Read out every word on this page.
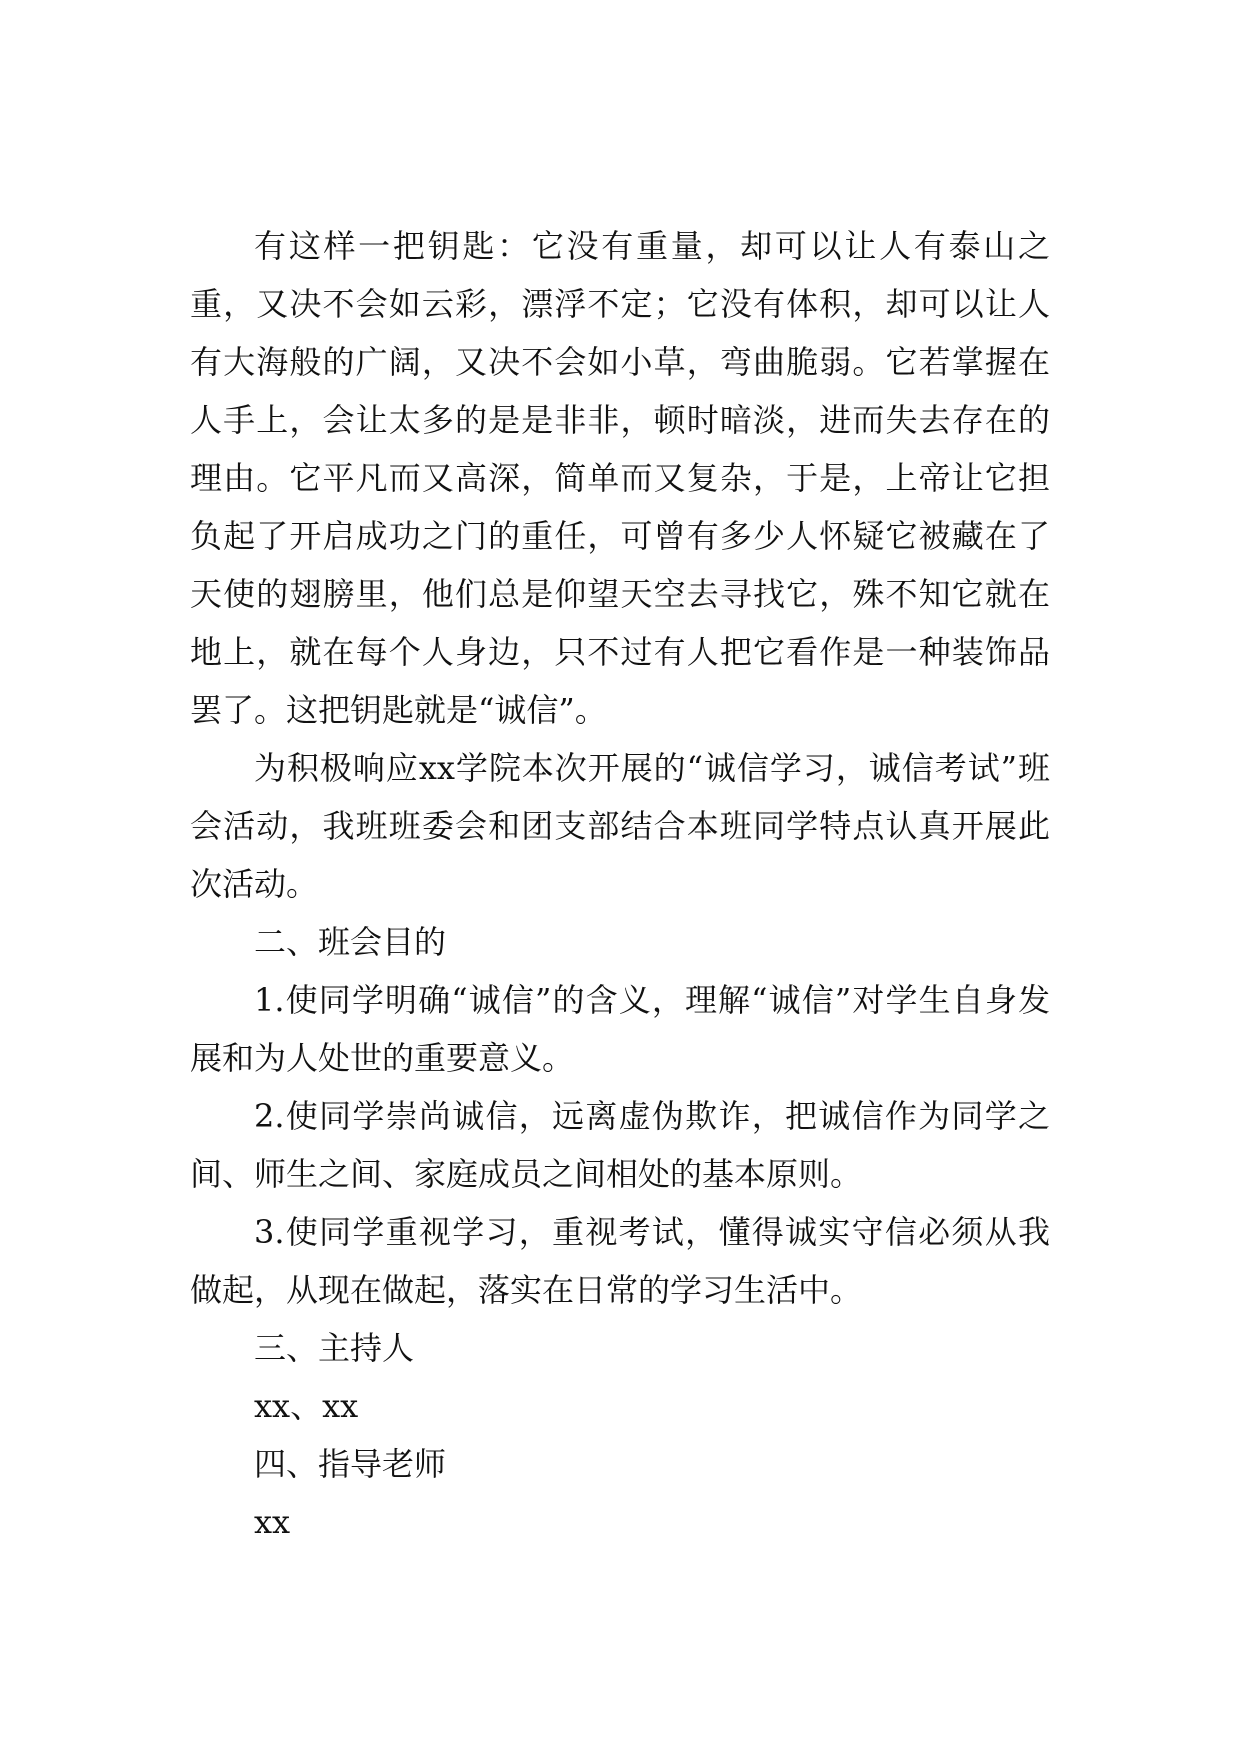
有这样一把钥匙：它没有重量，却可以让人有泰山之重，又决不会如云彩，漂浮不定；它没有体积，却可以让人有大海般的广阔，又决不会如小草，弯曲脆弱。它若掌握在人手上，会让太多的是是非非，顿时暗淡，进而失去存在的理由。它平凡而又高深，简单而又复杂，于是，上帝让它担负起了开启成功之门的重任，可曾有多少人怀疑它被藏在了天使的翅膀里，他们总是仰望天空去寻找它，殊不知它就在地上，就在每个人身边，只不过有人把它看作是一种装饰品罢了。这把钥匙就是“诚信”。

为积极响应xx学院本次开展的“诚信学习，诚信考试”班会活动，我班班委会和团支部结合本班同学特点认真开展此次活动。

二、班会目的

1.使同学明确“诚信”的含义，理解“诚信”对学生自身发展和为人处世的重要意义。

2.使同学崇尚诚信，远离虚伪欺诈，把诚信作为同学之间、师生之间、家庭成员之间相处的基本原则。

3.使同学重视学习，重视考试，懂得诚实守信必须从我做起，从现在做起，落实在日常的学习生活中。

三、主持人

xx、xx

四、指导老师

xx
